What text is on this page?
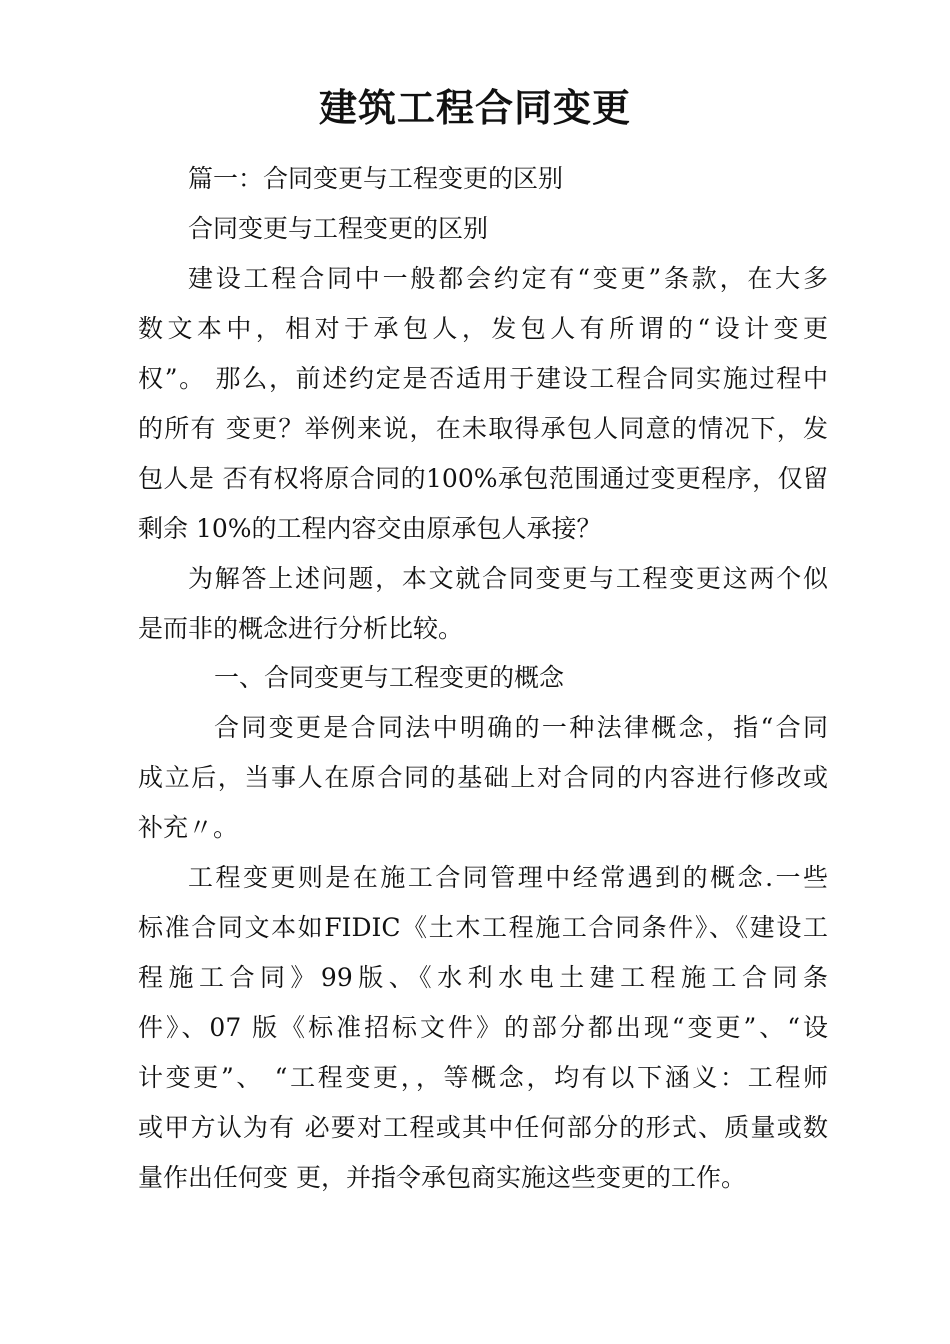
建筑工程合同变更
篇一：合同变更与工程变更的区别
合同变更与工程变更的区别
建设工程合同中一般都会约定有“变更”条款，在大多
数文本中，相对于承包人，发包人有所谓的“设计变更
权”。 那么，前述约定是否适用于建设工程合同实施过程中
的所有 变更？举例来说，在未取得承包人同意的情况下，发
包人是 否有权将原合同的100%承包范围通过变更程序，仅留
剩余 10%的工程内容交由原承包人承接？
为解答上述问题，本文就合同变更与工程变更这两个似
是而非的概念进行分析比较。
一、合同变更与工程变更的概念
合同变更是合同法中明确的一种法律概念，指“合同
成立后，当事人在原合同的基础上对合同的内容进行修改或
补充〃。
工程变更则是在施工合同管理中经常遇到的概念.一些
标准合同文本如FIDIC《土木工程施工合同条件》、《建设工
程施工合同》99版、《水利水电土建工程施工合同条
件》、07 版《标准招标文件》的部分都出现“变更”、“设
计变更”、 “工程变更，，等概念，均有以下涵义：工程师
或甲方认为有 必要对工程或其中任何部分的形式、质量或数
量作出任何变 更，并指令承包商实施这些变更的工作。
